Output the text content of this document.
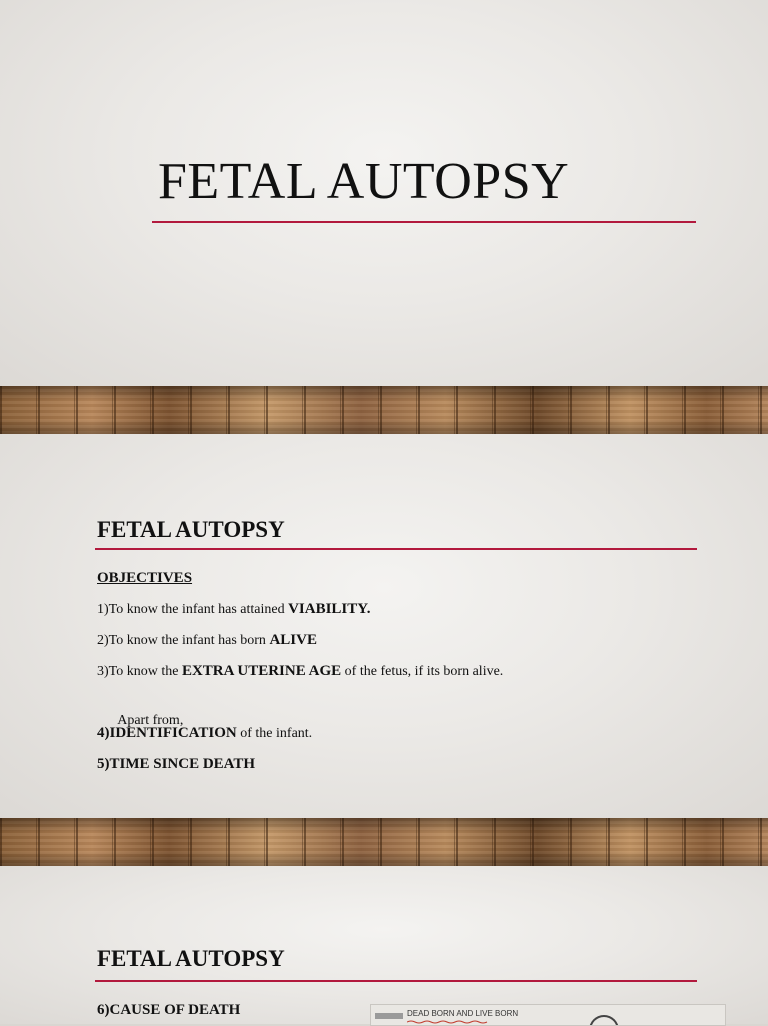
FETAL AUTOPSY
FETAL AUTOPSY
OBJECTIVES
1)To know the infant has attained VIABILITY.
2)To know the infant has born ALIVE
3)To know the EXTRA UTERINE AGE of the fetus, if its born alive.

Apart from,

4)IDENTIFICATION of the infant.
5)TIME SINCE DEATH
FETAL AUTOPSY
6)CAUSE OF DEATH	DEAD BORN AND LIVE BORN
